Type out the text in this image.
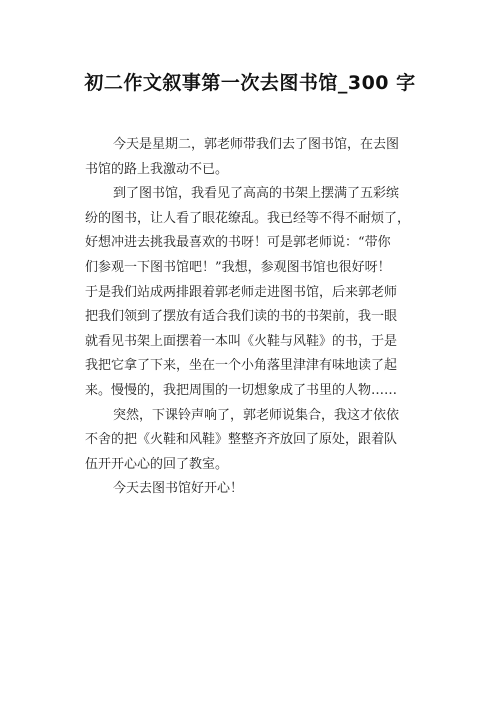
初二作文叙事第一次去图书馆_300 字
今天是星期二，郭老师带我们去了图书馆，在去图
书馆的路上我激动不已。
到了图书馆，我看见了高高的书架上摆满了五彩缤
纷的图书，让人看了眼花缭乱。我已经等不得不耐烦了，
好想冲进去挑我最喜欢的书呀！可是郭老师说：“带你
们参观一下图书馆吧！”我想，参观图书馆也很好呀！
于是我们站成两排跟着郭老师走进图书馆，后来郭老师
把我们领到了摆放有适合我们读的书的书架前，我一眼
就看见书架上面摆着一本叫《火鞋与风鞋》的书，于是
我把它拿了下来，坐在一个小角落里津津有味地读了起
来。慢慢的，我把周围的一切想象成了书里的人物……
突然，下课铃声响了，郭老师说集合，我这才依依
不舍的把《火鞋和风鞋》整整齐齐放回了原处，跟着队
伍开开心心的回了教室。
今天去图书馆好开心！
